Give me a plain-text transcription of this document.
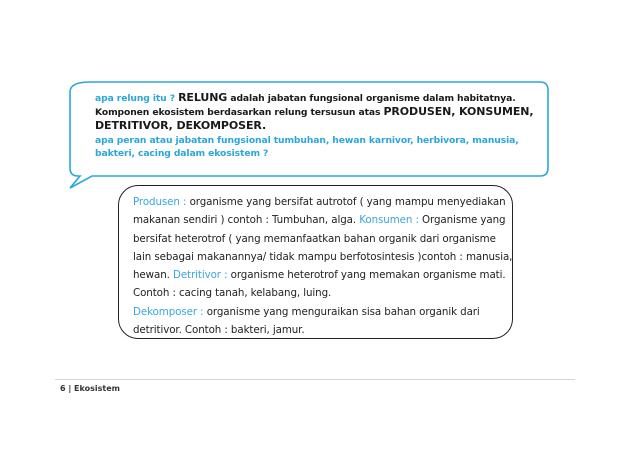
apa relung itu ? RELUNG adalah jabatan fungsional organisme dalam habitatnya. Komponen ekosistem berdasarkan relung tersusun atas PRODUSEN, KONSUMEN, DETRITIVOR, DEKOMPOSER.

apa peran atau jabatan fungsional tumbuhan, hewan karnivor, herbivora, manusia, bakteri, cacing dalam ekosistem ?

Produsen : organisme yang bersifat autrotof ( yang mampu menyediakan makanan sendiri ) contoh : Tumbuhan, alga. Konsumen : Organisme yang bersifat heterotrof ( yang memanfaatkan bahan organik dari organisme lain sebagai makanannya/ tidak mampu berfotosintesis )contoh : manusia, hewan. Detritivor : organisme heterotrof yang memakan organisme mati. Contoh : cacing tanah, kelabang, luing.
Dekomposer : organisme yang menguraikan sisa bahan organik dari detritivor. Contoh : bakteri, jamur.
6 | Ekosistem
